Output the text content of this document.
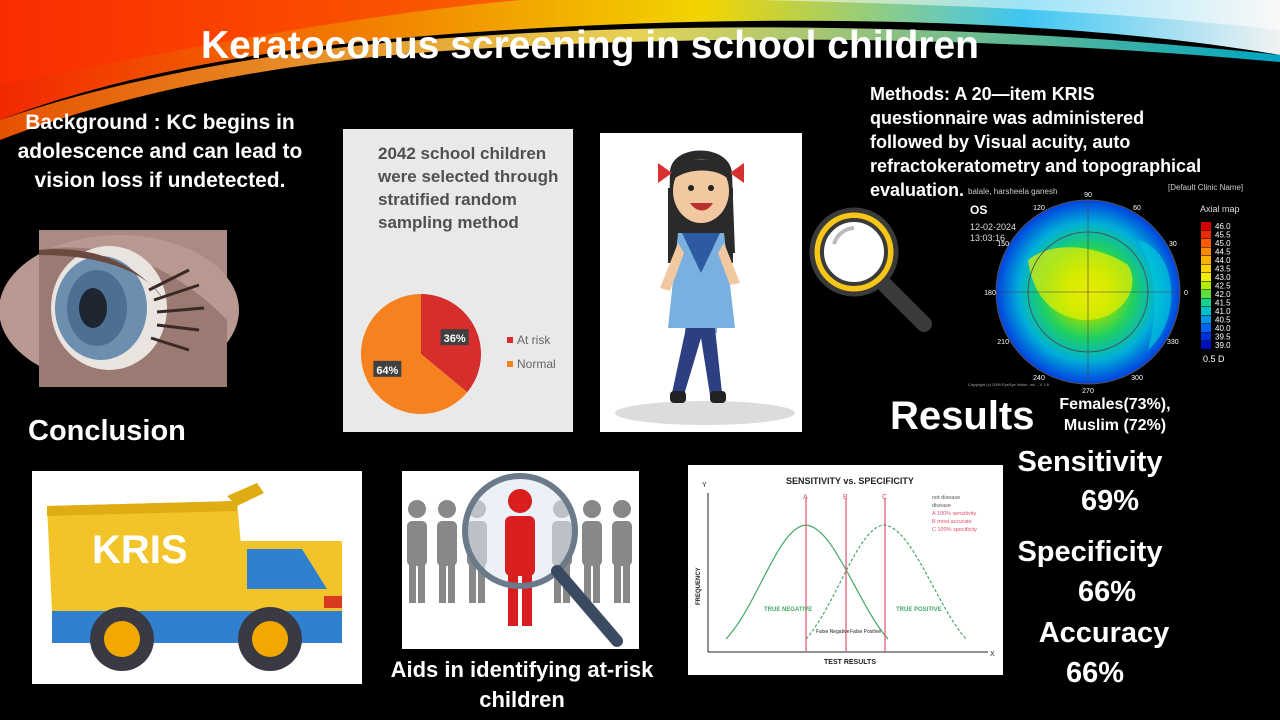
Keratoconus screening in school children
Background : KC begins in adolescence and can lead to vision loss if undetected.
Conclusion
KRIS
Aids in identifying at-risk children
2042 school children were selected through stratified random sampling method
36%
64%
At risk
Normal
balale, harsheela ganesh	[Default Clinic Name]
OS
12-02-2024
13:03:16
Axial map
90
120	60
150	30
180	0
210	330
240	300
270
46.0
45.5
45.0
44.5
44.0
43.5
43.0
42.5
42.0
41.5
41.0
40.5
40.0
39.5
39.0
0.5 D
Copyright (c) 2009 EyeSys Vision, Inc. - V 2.6
Methods: A 20—item KRIS questionnaire was administered followed by Visual acuity, auto refractokeratometry and topographical evaluation.
Results	Females(73%), Muslim (72%)
SENSITIVITY vs. SPECIFICITY
Y
X
FREQUENCY
TEST RESULTS
A	B	C	not disease
disease
A 100% sensitivity
B most accurate
C 100% specificity
TRUE NEGATIVE	TRUE POSITIVE
False Negative False Positive
Sensitivity
69%
Specificity
66%
Accuracy
66%
